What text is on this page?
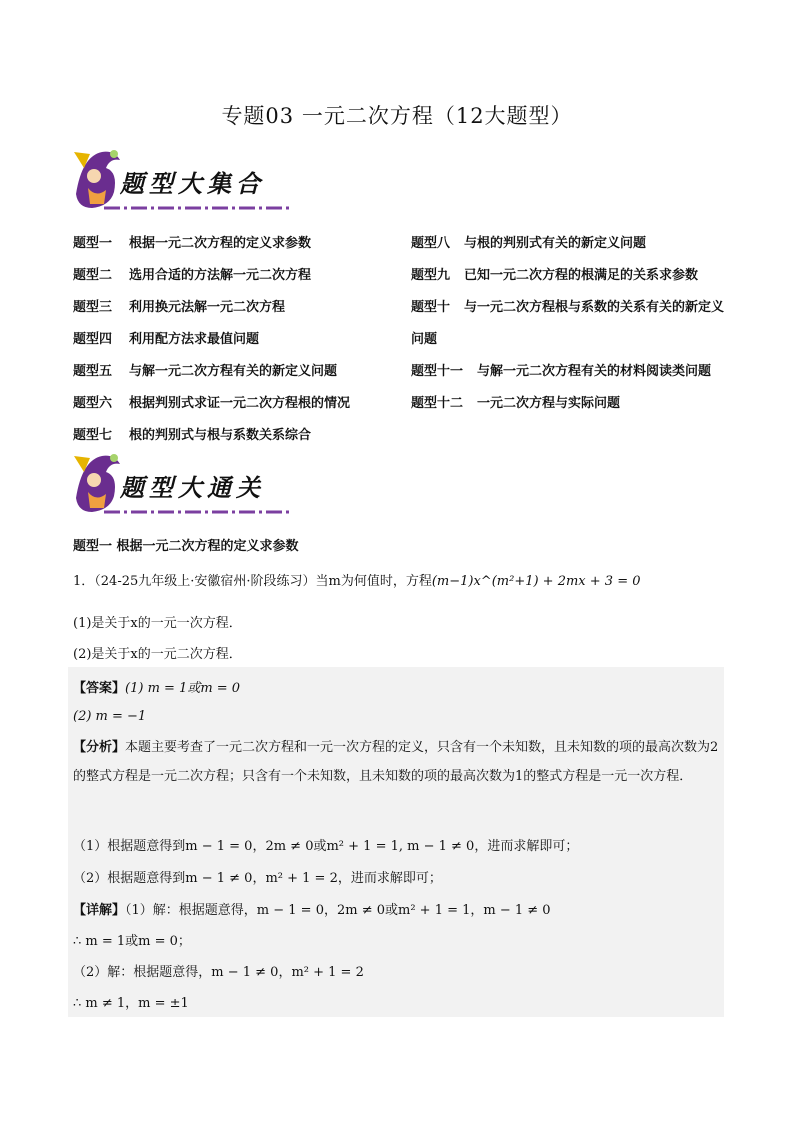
专题03 一元二次方程（12大题型）
题型大集合
题型一 根据一元二次方程的定义求参数
题型二 选用合适的方法解一元二次方程
题型三 利用换元法解一元二次方程
题型四 利用配方法求最值问题
题型五 与解一元二次方程有关的新定义问题
题型六 根据判别式求证一元二次方程根的情况
题型七 根的判别式与根与系数关系综合
题型八 与根的判别式有关的新定义问题
题型九 已知一元二次方程的根满足的关系求参数
题型十 与一元二次方程根与系数的关系有关的新定义问题
题型十一 与解一元二次方程有关的材料阅读类问题
题型十二 一元二次方程与实际问题
题型大通关
题型一 根据一元二次方程的定义求参数
1．（24-25九年级上·安徽宿州·阶段练习）当m为何值时，方程(m−1)x^(m²+1) + 2mx + 3 = 0
(1)是关于x的一元一次方程．
(2)是关于x的一元二次方程．
【答案】(1) m = 1或m = 0
(2) m = −1
【分析】本题主要考查了一元二次方程和一元一次方程的定义，只含有一个未知数，且未知数的项的最高次数为2的整式方程是一元二次方程；只含有一个未知数，且未知数的项的最高次数为1的整式方程是一元一次方程．
（1）根据题意得到m − 1 = 0，2m ≠ 0或m² + 1 = 1, m − 1 ≠ 0，进而求解即可；
（2）根据题意得到m − 1 ≠ 0，m² + 1 = 2，进而求解即可；
【详解】（1）解：根据题意得，m − 1 = 0，2m ≠ 0或m² + 1 = 1，m − 1 ≠ 0
∴ m = 1或m = 0；
（2）解：根据题意得，m − 1 ≠ 0，m² + 1 = 2
∴ m ≠ 1，m = ±1
